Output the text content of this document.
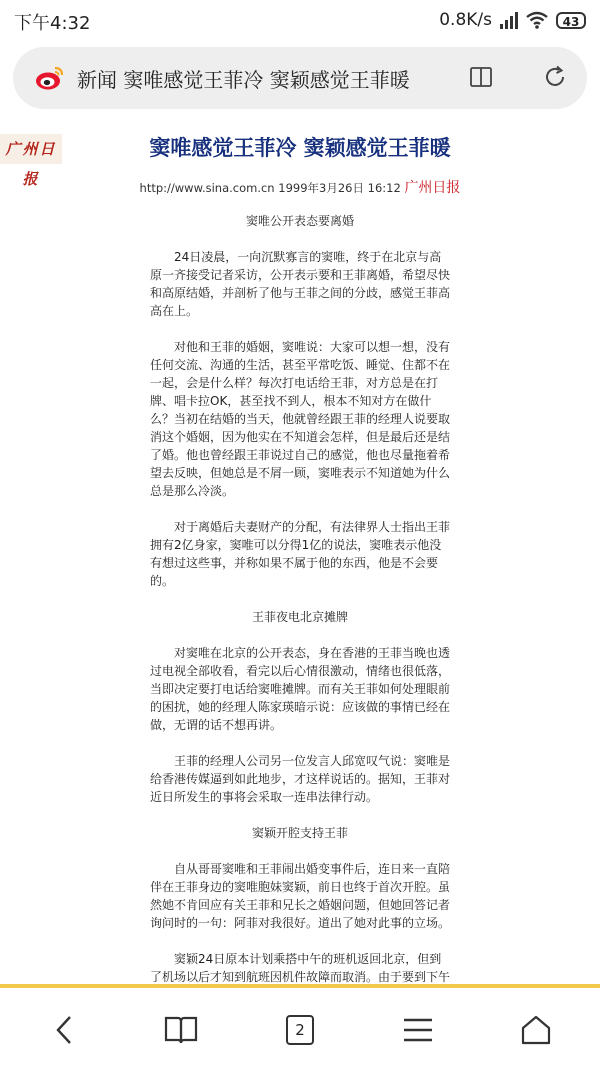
下午4:32	0.8K/s	43
新闻 窦唯感觉王菲冷 窦颖感觉王菲暖
广州日报
窦唯感觉王菲冷 窦颖感觉王菲暖
http://www.sina.com.cn 1999年3月26日 16:12 广州日报
窦唯公开表态要离婚

24日凌晨，一向沉默寡言的窦唯，终于在北京与高原一齐接受记者采访，公开表示要和王菲离婚，希望尽快和高原结婚，并剖析了他与王菲之间的分歧，感觉王菲高高在上。

对他和王菲的婚姻，窦唯说：大家可以想一想，没有任何交流、沟通的生活，甚至平常吃饭、睡觉、住都不在一起，会是什么样？每次打电话给王菲，对方总是在打牌、唱卡拉OK，甚至找不到人，根本不知对方在做什么？当初在结婚的当天，他就曾经跟王菲的经理人说要取消这个婚姻，因为他实在不知道会怎样，但是最后还是结了婚。他也曾经跟王菲说过自己的感觉，他也尽量拖着希望去反映，但她总是不屑一顾，窦唯表示不知道她为什么总是那么冷淡。

对于离婚后夫妻财产的分配，有法律界人士指出王菲拥有2亿身家，窦唯可以分得1亿的说法，窦唯表示他没有想过这些事，并称如果不属于他的东西，他是不会要的。

王菲夜电北京摊牌

对窦唯在北京的公开表态，身在香港的王菲当晚也透过电视全部收看，看完以后心情很激动，情绪也很低落，当即决定要打电话给窦唯摊牌。而有关王菲如何处理眼前的困扰，她的经理人陈家瑛暗示说：应该做的事情已经在做，无谓的话不想再讲。

王菲的经理人公司另一位发言人邱宽叹气说：窦唯是给香港传媒逼到如此地步，才这样说话的。据知，王菲对近日所发生的事将会采取一连串法律行动。

窦颖开腔支持王菲

自从哥哥窦唯和王菲闹出婚变事件后，连日来一直陪伴在王菲身边的窦唯胞妹窦颖，前日也终于首次开腔。虽然她不肯回应有关王菲和兄长之婚姻问题，但她回答记者询问时的一句：阿菲对我很好。道出了她对此事的立场。

窦颖24日原本计划乘搭中午的班机返回北京，但到了机场以后才知到航班因机件故障而取消。由于要到下午

2
